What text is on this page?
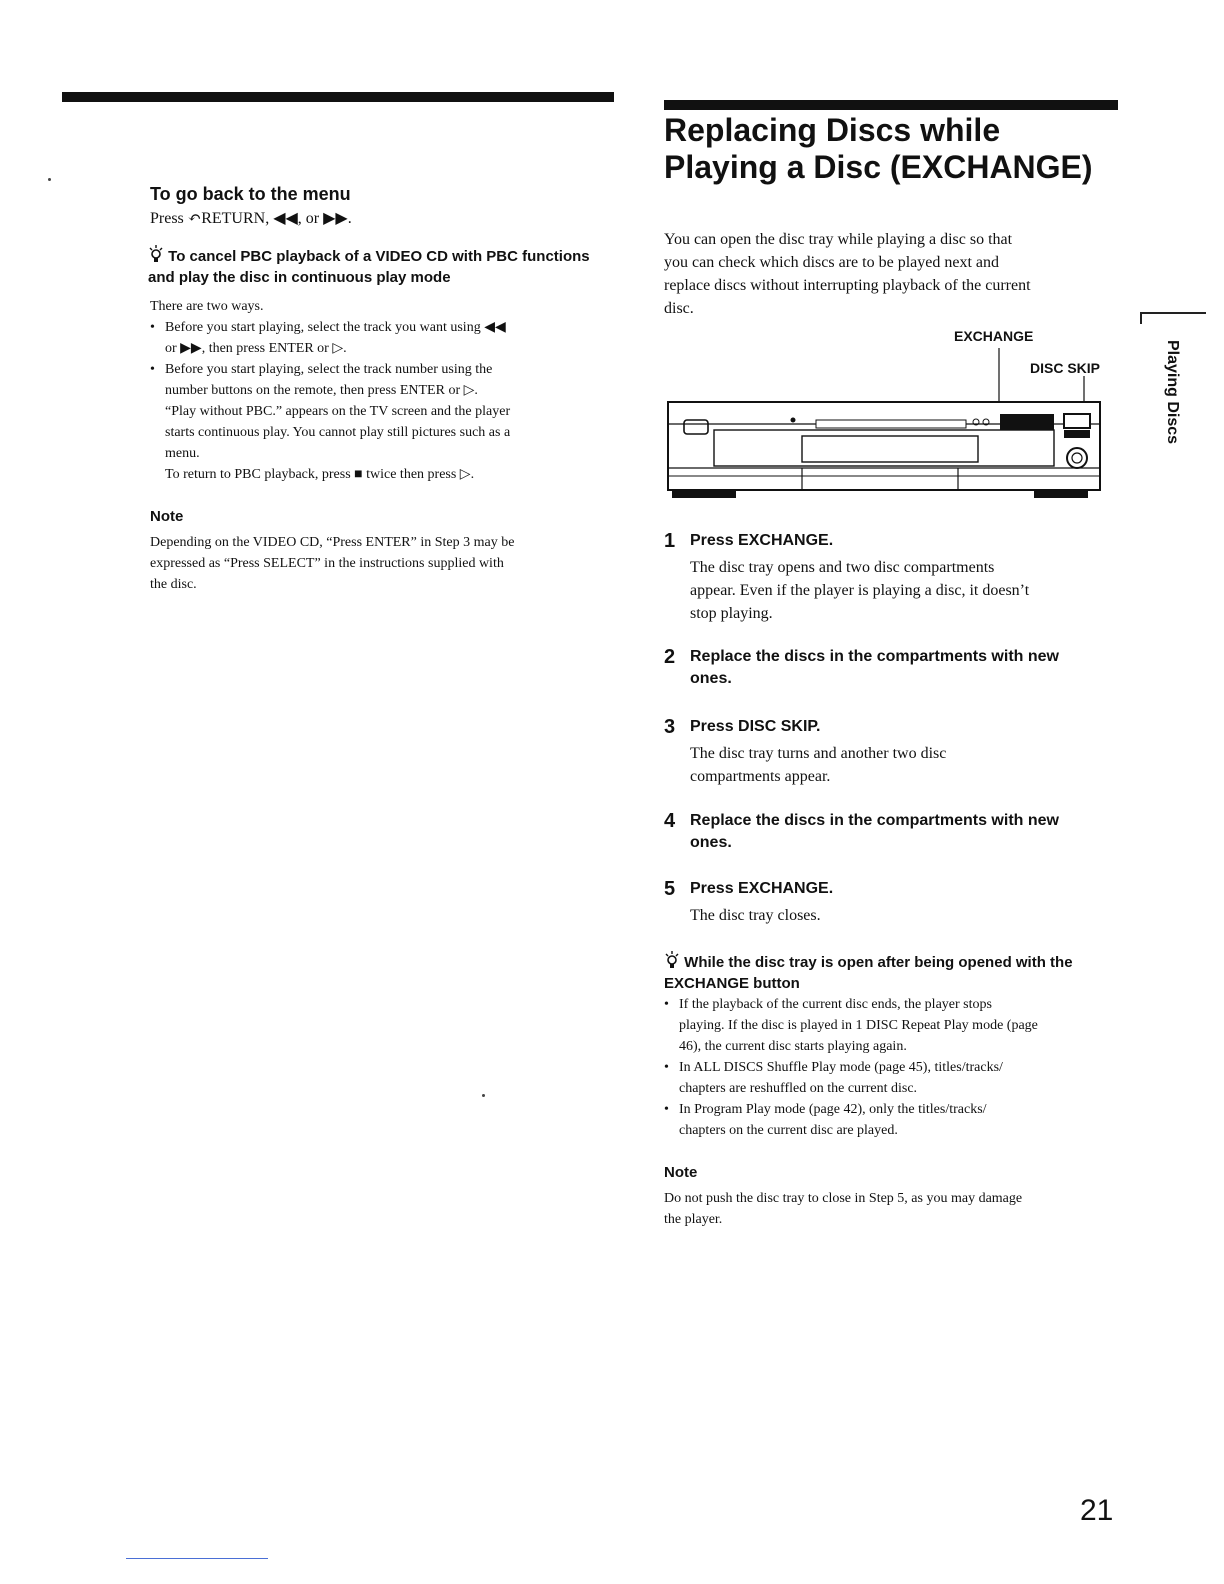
To go back to the menu
Press ↶RETURN, ◀◀, or ▶▶.
To cancel PBC playback of a VIDEO CD with PBC functions
and play the disc in continuous play mode

There are two ways.

• Before you start playing, select the track you want using ◀◀
or ▶▶, then press ENTER or ▷.

• Before you start playing, select the track number using the
number buttons on the remote, then press ENTER or ▷.
“Play without PBC.” appears on the TV screen and the player
starts continuous play. You cannot play still pictures such as a
menu.
To return to PBC playback, press ■ twice then press ▷.

Note
Depending on the VIDEO CD, “Press ENTER” in Step 3 may be
expressed as “Press SELECT” in the instructions supplied with
the disc.
Replacing Discs while
Playing a Disc (EXCHANGE)
You can open the disc tray while playing a disc so that
you can check which discs are to be played next and
replace discs without interrupting playback of the current
disc.
EXCHANGE
DISC SKIP
1 Press EXCHANGE.
The disc tray opens and two disc compartments
appear. Even if the player is playing a disc, it doesn’t
stop playing.
2 Replace the discs in the compartments with new
ones.
3 Press DISC SKIP.
The disc tray turns and another two disc
compartments appear.
4 Replace the discs in the compartments with new
ones.
5 Press EXCHANGE.
The disc tray closes.
While the disc tray is open after being opened with the
EXCHANGE button

• If the playback of the current disc ends, the player stops
playing. If the disc is played in 1 DISC Repeat Play mode (page
46), the current disc starts playing again.

• In ALL DISCS Shuffle Play mode (page 45), titles/tracks/
chapters are reshuffled on the current disc.

• In Program Play mode (page 42), only the titles/tracks/
chapters on the current disc are played.

Note
Do not push the disc tray to close in Step 5, as you may damage
the player.
Playing Discs
21
